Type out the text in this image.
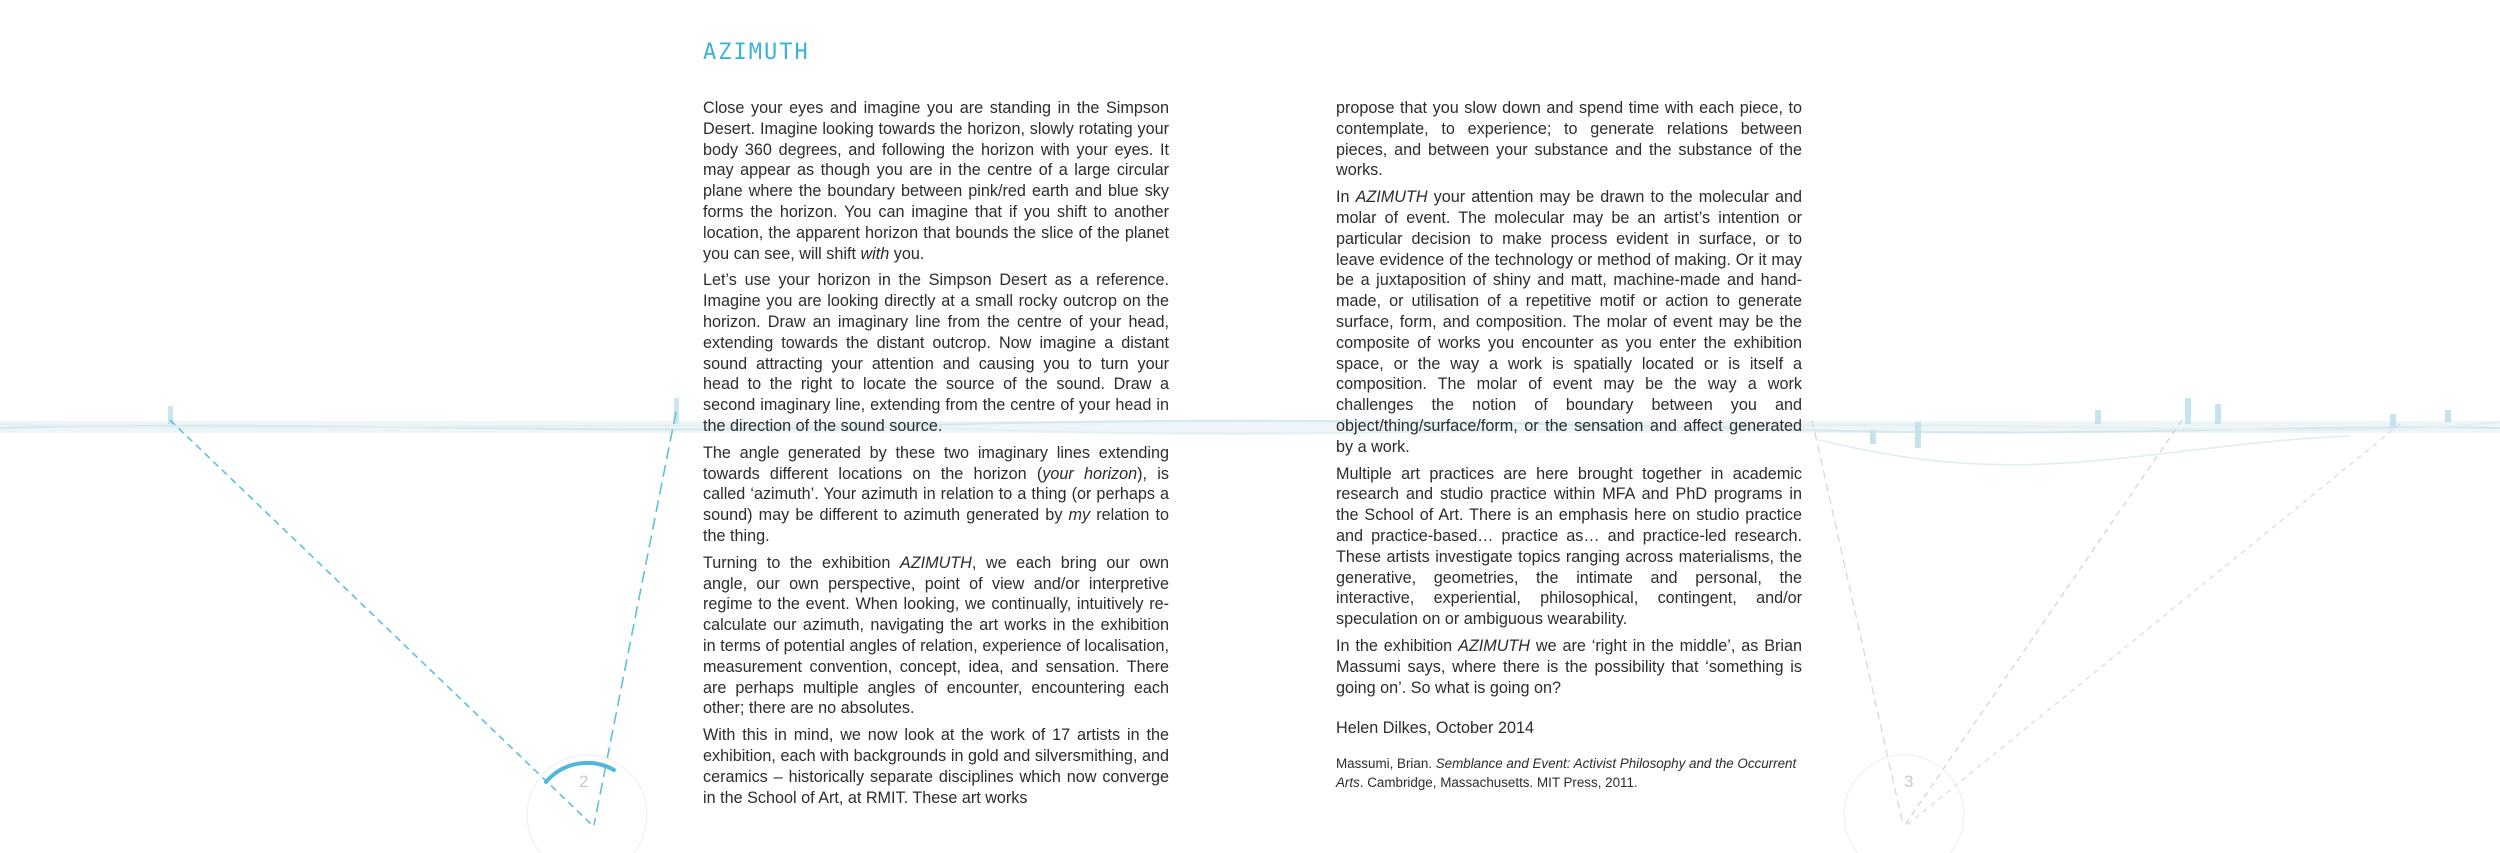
AZIMUTH

Close your eyes and imagine you are standing in the Simpson Desert. Imagine looking towards the horizon, slowly rotating your body 360 degrees, and following the horizon with your eyes. It may appear as though you are in the centre of a large circular plane where the boundary between pink/red earth and blue sky forms the horizon. You can imagine that if you shift to another location, the apparent horizon that bounds the slice of the planet you can see, will shift with you.

Let’s use your horizon in the Simpson Desert as a reference. Imagine you are looking directly at a small rocky outcrop on the horizon. Draw an imaginary line from the centre of your head, extending towards the distant outcrop. Now imagine a distant sound attracting your attention and causing you to turn your head to the right to locate the source of the sound. Draw a second imaginary line, extending from the centre of your head in the direction of the sound source.

The angle generated by these two imaginary lines extending towards different locations on the horizon (your horizon), is called ‘azimuth’. Your azimuth in relation to a thing (or perhaps a sound) may be different to azimuth generated by my relation to the thing.

Turning to the exhibition AZIMUTH, we each bring our own angle, our own perspective, point of view and/or interpretive regime to the event. When looking, we continually, intuitively re-calculate our azimuth, navigating the art works in the exhibition in terms of potential angles of relation, experience of localisation, measurement convention, concept, idea, and sensation. There are perhaps multiple angles of encounter, encountering each other; there are no absolutes.

With this in mind, we now look at the work of 17 artists in the exhibition, each with backgrounds in gold and silversmithing, and ceramics – historically separate disciplines which now converge in the School of Art, at RMIT. These art works

propose that you slow down and spend time with each piece, to contemplate, to experience; to generate relations between pieces, and between your substance and the substance of the works.

In AZIMUTH your attention may be drawn to the molecular and molar of event. The molecular may be an artist’s intention or particular decision to make process evident in surface, or to leave evidence of the technology or method of making. Or it may be a juxtaposition of shiny and matt, machine-made and hand-made, or utilisation of a repetitive motif or action to generate surface, form, and composition. The molar of event may be the composite of works you encounter as you enter the exhibition space, or the way a work is spatially located or is itself a composition. The molar of event may be the way a work challenges the notion of boundary between you and object/thing/surface/form, or the sensation and affect generated by a work.

Multiple art practices are here brought together in academic research and studio practice within MFA and PhD programs in the School of Art. There is an emphasis here on studio practice and practice-based… practice as… and practice-led research. These artists investigate topics ranging across materialisms, the generative, geometries, the intimate and personal, the interactive, experiential, philosophical, contingent, and/or speculation on or ambiguous wearability.

In the exhibition AZIMUTH we are ‘right in the middle’, as Brian Massumi says, where there is the possibility that ‘something is going on’. So what is going on?

Helen Dilkes, October 2014

Massumi, Brian. Semblance and Event: Activist Philosophy and the Occurrent Arts. Cambridge, Massachusetts. MIT Press, 2011.

2	3
